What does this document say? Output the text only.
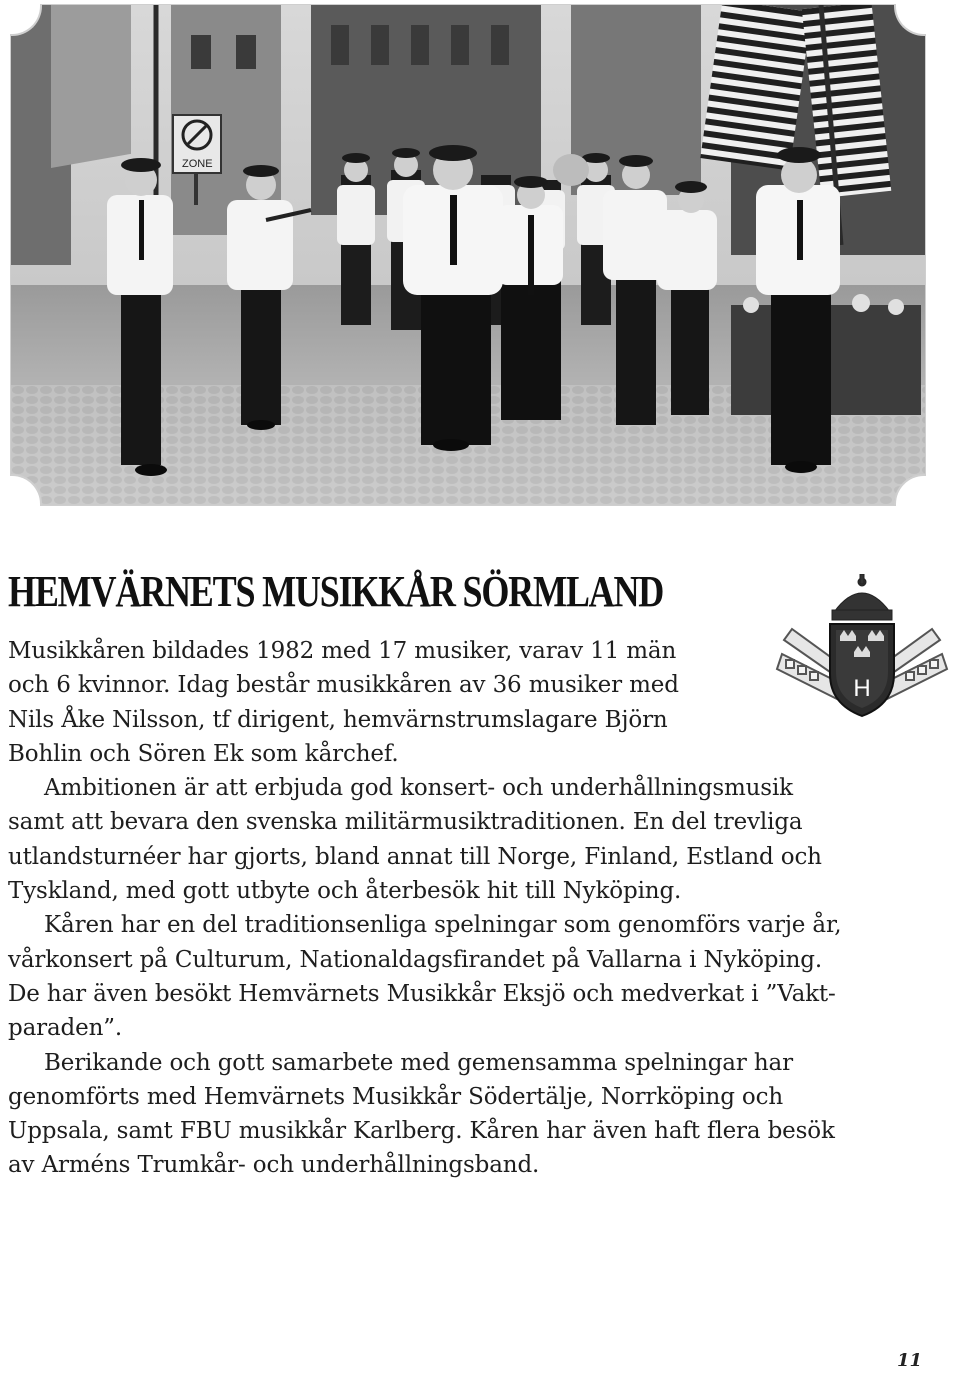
ZONE
HEMVÄRNETS MUSIKKÅR SÖRMLAND
H
Musikkåren bildades 1982 med 17 musiker, varav 11 män
och 6 kvinnor. Idag består musikkåren av 36 musiker med
Nils Åke Nilsson, tf dirigent, hemvärnstrumslagare Björn
Bohlin och Sören Ek som kårchef.
Ambitionen är att erbjuda god konsert- och underhållningsmusik
samt att bevara den svenska militärmusiktraditionen. En del trevliga
utlandsturnéer har gjorts, bland annat till Norge, Finland, Estland och
Tyskland, med gott utbyte och återbesök hit till Nyköping.
Kåren har en del traditionsenliga spelningar som genomförs varje år,
vårkonsert på Culturum, Nationaldagsfirandet på Vallarna i Nyköping.
De har även besökt Hemvärnets Musikkår Eksjö och medverkat i ”Vakt-
paraden”.
Berikande och gott samarbete med gemensamma spelningar har
genomförts med Hemvärnets Musikkår Södertälje, Norrköping och
Uppsala, samt FBU musikkår Karlberg. Kåren har även haft flera besök
av Arméns Trumkår- och underhållningsband.
11
